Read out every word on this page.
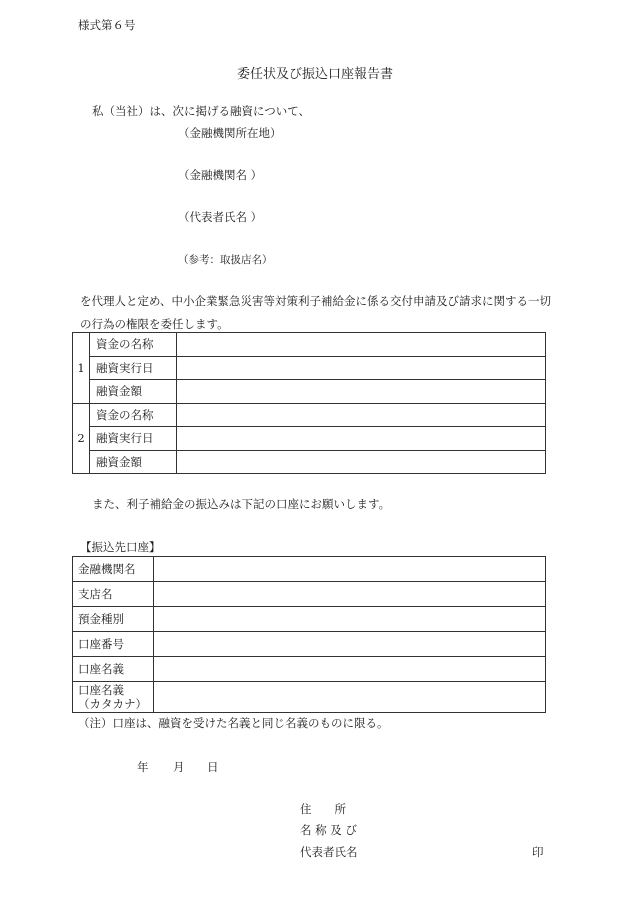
様式第６号
委任状及び振込口座報告書
私（当社）は、次に掲げる融資について、
（金融機関所在地）
（金融機関名 ）
（代表者氏名 ）
（参考：取扱店名）
を代理人と定め、中小企業緊急災害等対策利子補給金に係る交付申請及び請求に関する一切
の行為の権限を委任します。
1	資金の名称	
	融資実行日	
	融資金額	
2	資金の名称	
	融資実行日	
	融資金額	
また、利子補給金の振込みは下記の口座にお願いします。
【振込先口座】
金融機関名	
支店名	
預金種別	
口座番号	
口座名義	

口座名義
（カタカナ）	

（注）口座は、融資を受けた名義と同じ名義のものに限る。
年 月 日
住　　所
名 称 及 び
代表者氏名	印
